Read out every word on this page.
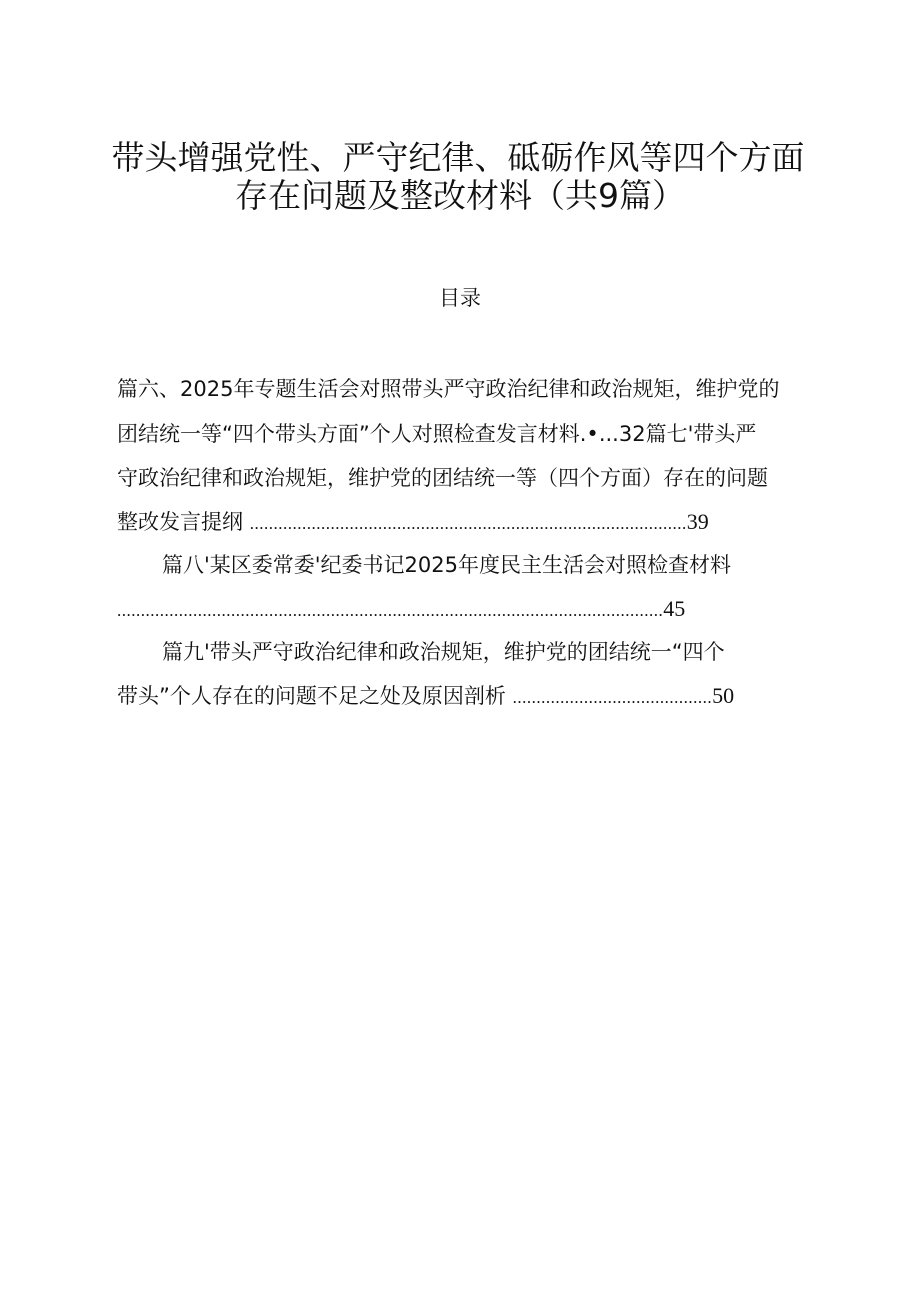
带头增强党性、严守纪律、砥砺作风等四个方面
存在问题及整改材料（共9篇）
目录
篇六、2025年专题生活会对照带头严守政治纪律和政治规矩，维护党的
团结统一等“四个带头方面”个人对照检查发言材料.•...32篇七'带头严
守政治纪律和政治规矩，维护党的团结统一等（四个方面）存在的问题
整改发言提纲 ............................................................................................39
篇八'某区委常委'纪委书记2025年度民主生活会对照检查材料
...................................................................................................................45
篇九'带头严守政治纪律和政治规矩，维护党的团结统一“四个
带头”个人存在的问题不足之处及原因剖析 ..........................................50
